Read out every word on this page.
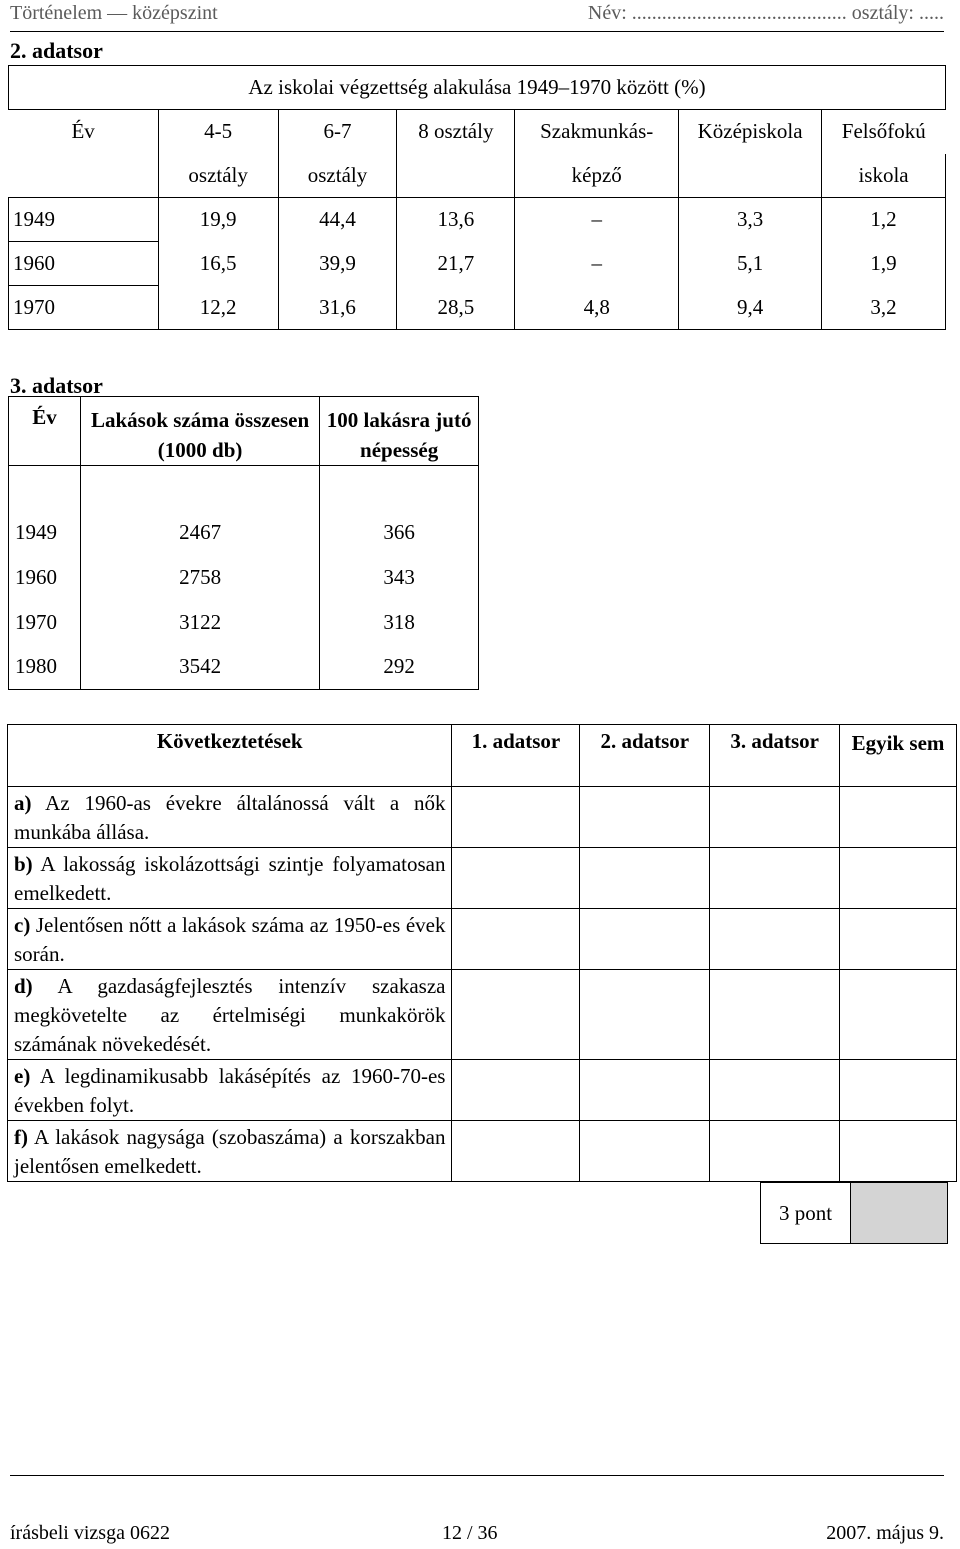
Történelem — középszint	Név: ........................................... osztály: .....
2. adatsor
Az iskolai végzettség alakulása 1949–1970 között (%)						
Év	4-5	6-7	8 osztály	Szakmunkás-	Középiskola	Felsőfokú
	osztály	osztály		képző		iskola
1949	19,9	44,4	13,6	–	3,3	1,2
1960	16,5	39,9	21,7	–	5,1	1,9
1970	12,2	31,6	28,5	4,8	9,4	3,2
3. adatsor
Év	Lakások száma összesen (1000 db)	100 lakásra jutó népesség

1949	2467	366
1960	2758	343
1970	3122	318
1980	3542	292
Következtetések	1. adatsor	2. adatsor	3. adatsor	Egyik sem
a) Az 1960-as évekre általánossá vált a nők munkába állása.				
b) A lakosság iskolázottsági szintje folyamatosan emelkedett.				
c) Jelentősen nőtt a lakások száma az 1950-es évek során.				
d) A gazdaságfejlesztés intenzív szakasza megkövetelte az értelmiségi munkakörök számának növekedését.				
e) A legdinamikusabb lakásépítés az 1960-70-es években folyt.				
f) A lakások nagysága (szobaszáma) a korszakban jelentősen emelkedett.				
3 pont
írásbeli vizsga 0622	12 / 36	2007. május 9.
